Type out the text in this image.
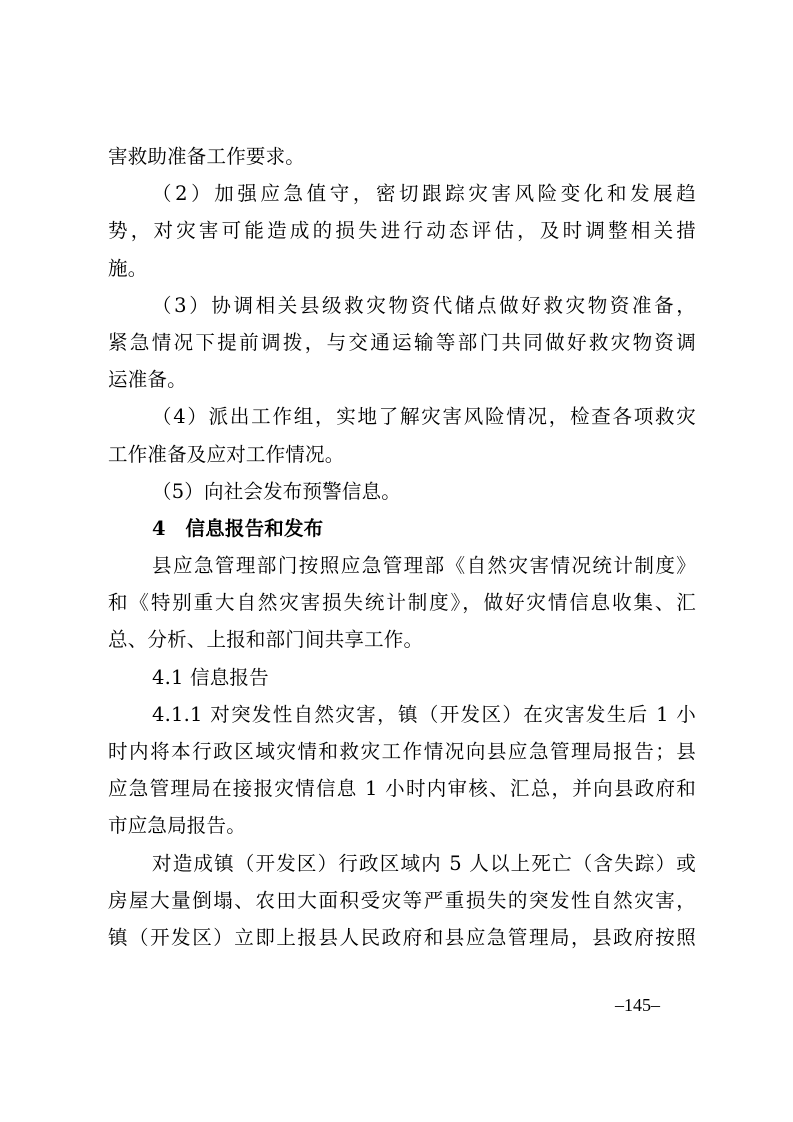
害救助准备工作要求。
（2）加强应急值守，密切跟踪灾害风险变化和发展趋
势，对灾害可能造成的损失进行动态评估，及时调整相关措
施。
（3）协调相关县级救灾物资代储点做好救灾物资准备，
紧急情况下提前调拨，与交通运输等部门共同做好救灾物资调
运准备。
（4）派出工作组，实地了解灾害风险情况，检查各项救灾
工作准备及应对工作情况。
（5）向社会发布预警信息。
4　信息报告和发布
县应急管理部门按照应急管理部《自然灾害情况统计制度》
和《特别重大自然灾害损失统计制度》，做好灾情信息收集、汇
总、分析、上报和部门间共享工作。
4.1 信息报告
4.1.1 对突发性自然灾害，镇（开发区）在灾害发生后 1 小
时内将本行政区域灾情和救灾工作情况向县应急管理局报告；县
应急管理局在接报灾情信息 1 小时内审核、汇总，并向县政府和
市应急局报告。
对造成镇（开发区）行政区域内 5 人以上死亡（含失踪）或
房屋大量倒塌、农田大面积受灾等严重损失的突发性自然灾害，
镇（开发区）立即上报县人民政府和县应急管理局，县政府按照
–145–
